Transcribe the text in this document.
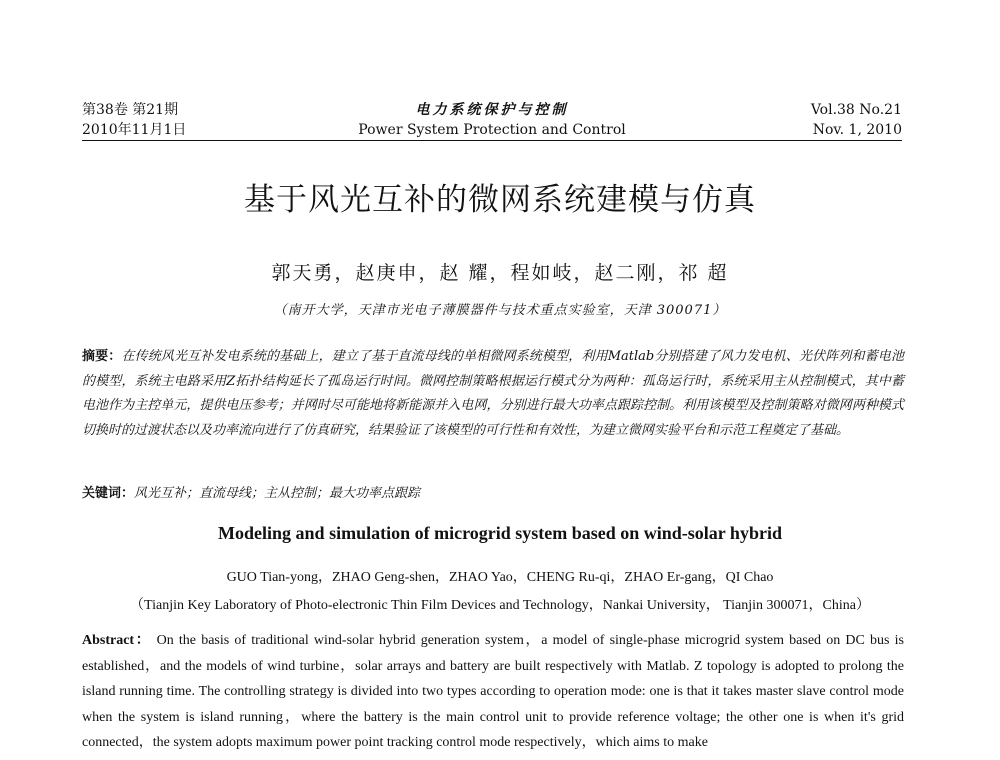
第38卷 第21期
2010年11月1日
电力系统保护与控制
Power System Protection and Control
Vol.38 No.21
Nov. 1, 2010
基于风光互补的微网系统建模与仿真
郭天勇，赵庚申，赵 耀，程如岐，赵二刚，祁 超
（南开大学，天津市光电子薄膜器件与技术重点实验室，天津 300071）
摘要：在传统风光互补发电系统的基础上，建立了基于直流母线的单相微网系统模型，利用Matlab分别搭建了风力发电机、光伏阵列和蓄电池的模型，系统主电路采用Z拓扑结构延长了孤岛运行时间。微网控制策略根据运行模式分为两种：孤岛运行时，系统采用主从控制模式，其中蓄电池作为主控单元，提供电压参考；并网时尽可能地将新能源并入电网，分别进行最大功率点跟踪控制。利用该模型及控制策略对微网两种模式切换时的过渡状态以及功率流向进行了仿真研究，结果验证了该模型的可行性和有效性，为建立微网实验平台和示范工程奠定了基础。
关键词：风光互补；直流母线；主从控制；最大功率点跟踪
Modeling and simulation of microgrid system based on wind-solar hybrid
GUO Tian-yong，ZHAO Geng-shen，ZHAO Yao，CHENG Ru-qi，ZHAO Er-gang，QI Chao
（Tianjin Key Laboratory of Photo-electronic Thin Film Devices and Technology，Nankai University， Tianjin 300071，China）
Abstract： On the basis of traditional wind-solar hybrid generation system，a model of single-phase microgrid system based on DC bus is established，and the models of wind turbine，solar arrays and battery are built respectively with Matlab. Z topology is adopted to prolong the island running time. The controlling strategy is divided into two types according to operation mode: one is that it takes master slave control mode when the system is island running，where the battery is the main control unit to provide reference voltage; the other one is when it's grid connected，the system adopts maximum power point tracking control mode respectively，which aims to make
